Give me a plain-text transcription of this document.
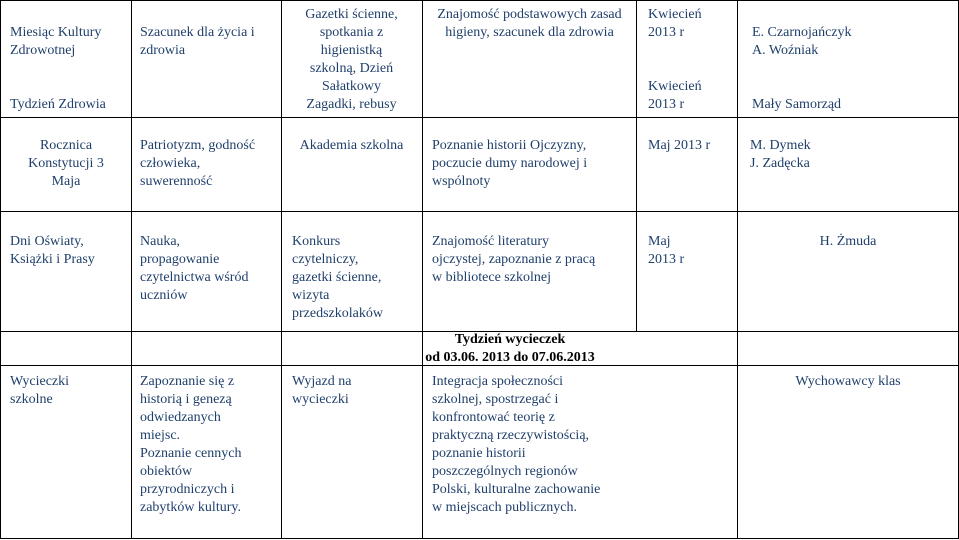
Miesiąc Kultury Zdrowotnej
Tydzień Zdrowia
Szacunek dla życia i zdrowia
Gazetki ścienne,
spotkania z
higienistką
szkolną, Dzień
Sałatkowy
Zagadki, rebusy
Znajomość podstawowych zasad higieny, szacunek dla zdrowia
Kwiecień
2013 r
Kwiecień
2013 r
E. Czarnojańczyk
A. Woźniak
Mały Samorząd
Rocznica
Konstytucji 3
Maja
Patriotyzm, godność
człowieka,
suwerenność
Akademia szkolna	Poznanie historii Ojczyzny,
poczucie dumy narodowej i
wspólnoty
Maj 2013 r	M. Dymek
J. Zadęcka
Dni Oświaty,
Książki i Prasy
Nauka,
propagowanie
czytelnictwa wśród
uczniów
Konkurs
czytelniczy,
gazetki ścienne,
wizyta
przedszkolaków
Znajomość literatury
ojczystej, zapoznanie z pracą
w bibliotece szkolnej
Maj
2013 r
H. Żmuda
Tydzień wycieczek
od 03.06. 2013 do 07.06.2013
Wycieczki
szkolne
Zapoznanie się z
historią i genezą
odwiedzanych
miejsc.
Poznanie cennych
obiektów
przyrodniczych i
zabytków kultury.
Wyjazd na
wycieczki
Integracja społeczności
szkolnej, spostrzegać i
konfrontować teorię z
praktyczną rzeczywistością,
poznanie historii
poszczególnych regionów
Polski, kulturalne zachowanie
w miejscach publicznych.
Wychowawcy klas
